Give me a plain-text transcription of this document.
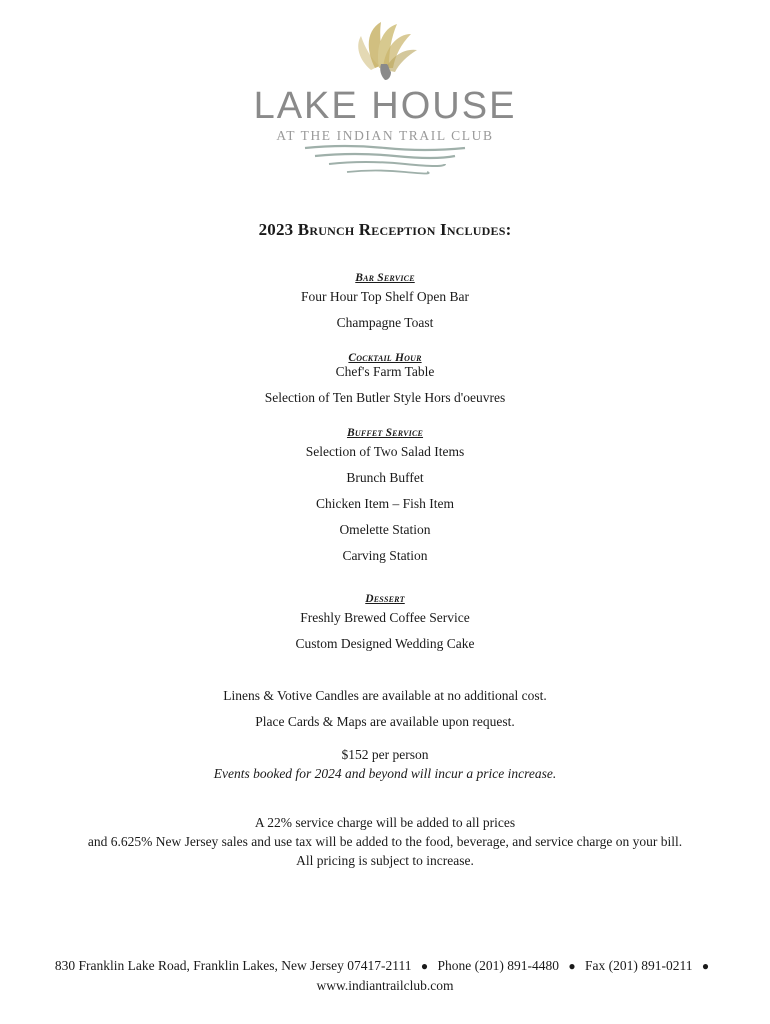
LAKE HOUSE
AT THE INDIAN TRAIL CLUB
2023 Brunch Reception Includes:
Bar Service
Four Hour Top Shelf Open Bar
Champagne Toast
Cocktail Hour
Chef's Farm Table
Selection of Ten Butler Style Hors d'oeuvres
Buffet Service
Selection of Two Salad Items
Brunch Buffet
Chicken Item – Fish Item
Omelette Station
Carving Station
Dessert
Freshly Brewed Coffee Service
Custom Designed Wedding Cake
Linens & Votive Candles are available at no additional cost.
Place Cards & Maps are available upon request.
$152 per person
Events booked for 2024 and beyond will incur a price increase.
A 22% service charge will be added to all prices
and 6.625% New Jersey sales and use tax will be added to the food, beverage, and service charge on your bill.
All pricing is subject to increase.
830 Franklin Lake Road, Franklin Lakes, New Jersey 07417-2111 ● Phone (201) 891-4480 ● Fax (201) 891-0211 ●
www.indiantrailclub.com
